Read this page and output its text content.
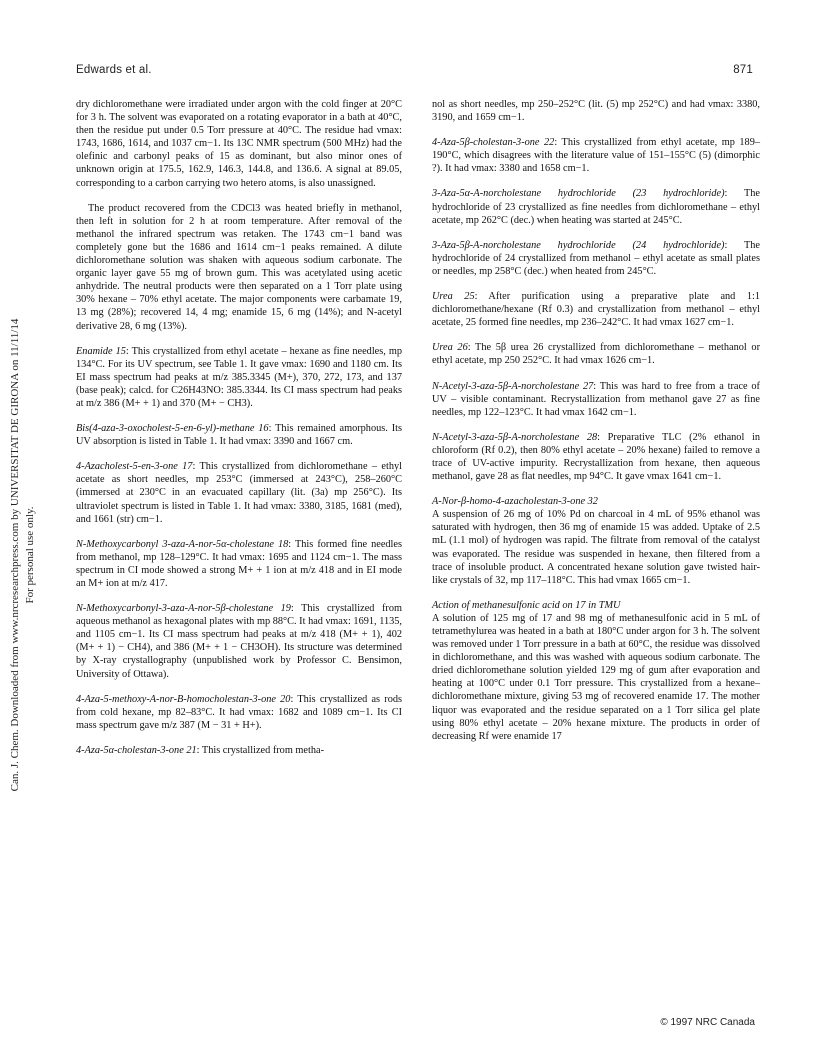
Edwards et al.	871
Can. J. Chem. Downloaded from www.nrcresearchpress.com by UNIVERSITAT DE GIRONA on 11/11/14 For personal use only.

dry dichloromethane were irradiated under argon with the cold finger at 20°C for 3 h. The solvent was evaporated on a rotating evaporator in a bath at 40°C, then the residue put under 0.5 Torr pressure at 40°C. The residue had νmax: 1743, 1686, 1614, and 1037 cm−1. Its 13C NMR spectrum (500 MHz) had the olefinic and carbonyl peaks of 15 as dominant, but also minor ones of unknown origin at 175.5, 162.9, 146.3, 144.8, and 136.6. A signal at 89.05, corresponding to a carbon carrying two hetero atoms, is also unassigned.

The product recovered from the CDCl3 was heated briefly in methanol, then left in solution for 2 h at room temperature. After removal of the methanol the infrared spectrum was retaken. The 1743 cm−1 band was completely gone but the 1686 and 1614 cm−1 peaks remained. A dilute dichloromethane solution was shaken with aqueous sodium carbonate. The organic layer gave 55 mg of brown gum. This was acetylated using acetic anhydride. The neutral products were then separated on a 1 Torr plate using 30% hexane – 70% ethyl acetate. The major components were carbamate 19, 13 mg (28%); recovered 14, 4 mg; enamide 15, 6 mg (14%); and N-acetyl derivative 28, 6 mg (13%).

Enamide 15: This crystallized from ethyl acetate – hexane as fine needles, mp 134°C. For its UV spectrum, see Table 1. It gave νmax: 1690 and 1180 cm. Its EI mass spectrum had peaks at m/z 385.3345 (M+), 370, 272, 173, and 137 (base peak); calcd. for C26H43NO: 385.3344. Its CI mass spectrum had peaks at m/z 386 (M+ + 1) and 370 (M+ − CH3).

Bis(4-aza-3-oxocholest-5-en-6-yl)-methane 16: This remained amorphous. Its UV absorption is listed in Table 1. It had νmax: 3390 and 1667 cm.

4-Azacholest-5-en-3-one 17: This crystallized from dichloromethane – ethyl acetate as short needles, mp 253°C (immersed at 243°C), 258–260°C (immersed at 230°C in an evacuated capillary (lit. (3a) mp 256°C). Its ultraviolet spectrum is listed in Table 1. It had νmax: 3380, 3185, 1681 (med), and 1661 (str) cm−1.

N-Methoxycarbonyl 3-aza-A-nor-5α-cholestane 18: This formed fine needles from methanol, mp 128–129°C. It had νmax: 1695 and 1124 cm−1. The mass spectrum in CI mode showed a strong M+ + 1 ion at m/z 418 and in EI mode an M+ ion at m/z 417.

N-Methoxycarbonyl-3-aza-A-nor-5β-cholestane 19: This crystallized from aqueous methanol as hexagonal plates with mp 88°C. It had νmax: 1691, 1135, and 1105 cm−1. Its CI mass spectrum had peaks at m/z 418 (M+ + 1), 402 (M+ + 1) − CH4), and 386 (M+ + 1 − CH3OH). Its structure was determined by X-ray crystallography (unpublished work by Professor C. Bensimon, University of Ottawa).

4-Aza-5-methoxy-A-nor-B-homocholestan-3-one 20: This crystallized as rods from cold hexane, mp 82–83°C. It had νmax: 1682 and 1089 cm−1. Its CI mass spectrum gave m/z 387 (M − 31 + H+).

4-Aza-5α-cholestan-3-one 21: This crystallized from metha-

nol as short needles, mp 250–252°C (lit. (5) mp 252°C) and had νmax: 3380, 3190, and 1659 cm−1.

4-Aza-5β-cholestan-3-one 22: This crystallized from ethyl acetate, mp 189–190°C, which disagrees with the literature value of 151–155°C (5) (dimorphic ?). It had νmax: 3380 and 1658 cm−1.

3-Aza-5α-A-norcholestane hydrochloride (23 hydrochloride): The hydrochloride of 23 crystallized as fine needles from dichloromethane – ethyl acetate, mp 262°C (dec.) when heating was started at 245°C.

3-Aza-5β-A-norcholestane hydrochloride (24 hydrochloride): The hydrochloride of 24 crystallized from methanol – ethyl acetate as small plates or needles, mp 258°C (dec.) when heated from 245°C.

Urea 25: After purification using a preparative plate and 1:1 dichloromethane/hexane (Rf 0.3) and crystallization from methanol – ethyl acetate, 25 formed fine needles, mp 236–242°C. It had νmax 1627 cm−1.

Urea 26: The 5β urea 26 crystallized from dichloromethane – methanol or ethyl acetate, mp 250 252°C. It had νmax 1626 cm−1.

N-Acetyl-3-aza-5β-A-norcholestane 27: This was hard to free from a trace of UV – visible contaminant. Recrystallization from methanol gave 27 as fine needles, mp 122–123°C. It had νmax 1642 cm−1.

N-Acetyl-3-aza-5β-A-norcholestane 28: Preparative TLC (2% ethanol in chloroform (Rf 0.2), then 80% ethyl acetate – 20% hexane) failed to remove a trace of UV-active impurity. Recrystallization from hexane, then aqueous methanol, gave 28 as flat needles, mp 94°C. It gave νmax 1641 cm−1.

A-Nor-β-homo-4-azacholestan-3-one 32

A suspension of 26 mg of 10% Pd on charcoal in 4 mL of 95% ethanol was saturated with hydrogen, then 36 mg of enamide 15 was added. Uptake of 2.5 mL (1.1 mol) of hydrogen was rapid. The filtrate from removal of the catalyst was evaporated. The residue was suspended in hexane, then filtered from a trace of insoluble product. A concentrated hexane solution gave twisted hair-like crystals of 32, mp 117–118°C. This had νmax 1665 cm−1.

Action of methanesulfonic acid on 17 in TMU

A solution of 125 mg of 17 and 98 mg of methanesulfonic acid in 5 mL of tetramethylurea was heated in a bath at 180°C under argon for 3 h. The solvent was removed under 1 Torr pressure in a bath at 60°C, the residue was dissolved in dichloromethane, and this was washed with aqueous sodium carbonate. The dried dichloromethane solution yielded 129 mg of gum after evaporation and heating at 100°C under 0.1 Torr pressure. This crystallized from a hexane–dichloromethane mixture, giving 53 mg of recovered enamide 17. The mother liquor was evaporated and the residue separated on a 1 Torr silica gel plate using 80% ethyl acetate – 20% hexane mixture. The products in order of decreasing Rf were enamide 17

© 1997 NRC Canada
